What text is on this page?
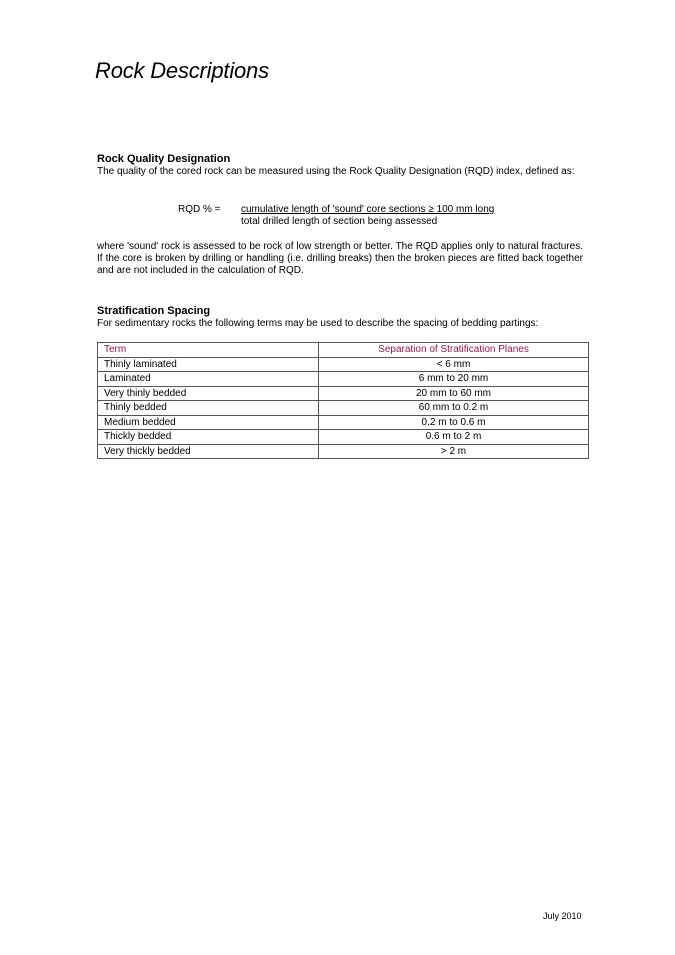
Rock Descriptions
Rock Quality Designation

The quality of the cored rock can be measured using the Rock Quality Designation (RQD) index, defined as:

RQD % = cumulative length of 'sound' core sections ≥ 100 mm long
total drilled length of section being assessed

where 'sound' rock is assessed to be rock of low strength or better. The RQD applies only to natural fractures. If the core is broken by drilling or handling (i.e. drilling breaks) then the broken pieces are fitted back together and are not included in the calculation of RQD.

Stratification Spacing

For sedimentary rocks the following terms may be used to describe the spacing of bedding partings:

Term	Separation of Stratification Planes
Thinly laminated	< 6 mm
Laminated	6 mm to 20 mm
Very thinly bedded	20 mm to 60 mm
Thinly bedded	60 mm to 0.2 m
Medium bedded	0.2 m to 0.6 m
Thickly bedded	0.6 m to 2 m
Very thickly bedded	> 2 m
July 2010
